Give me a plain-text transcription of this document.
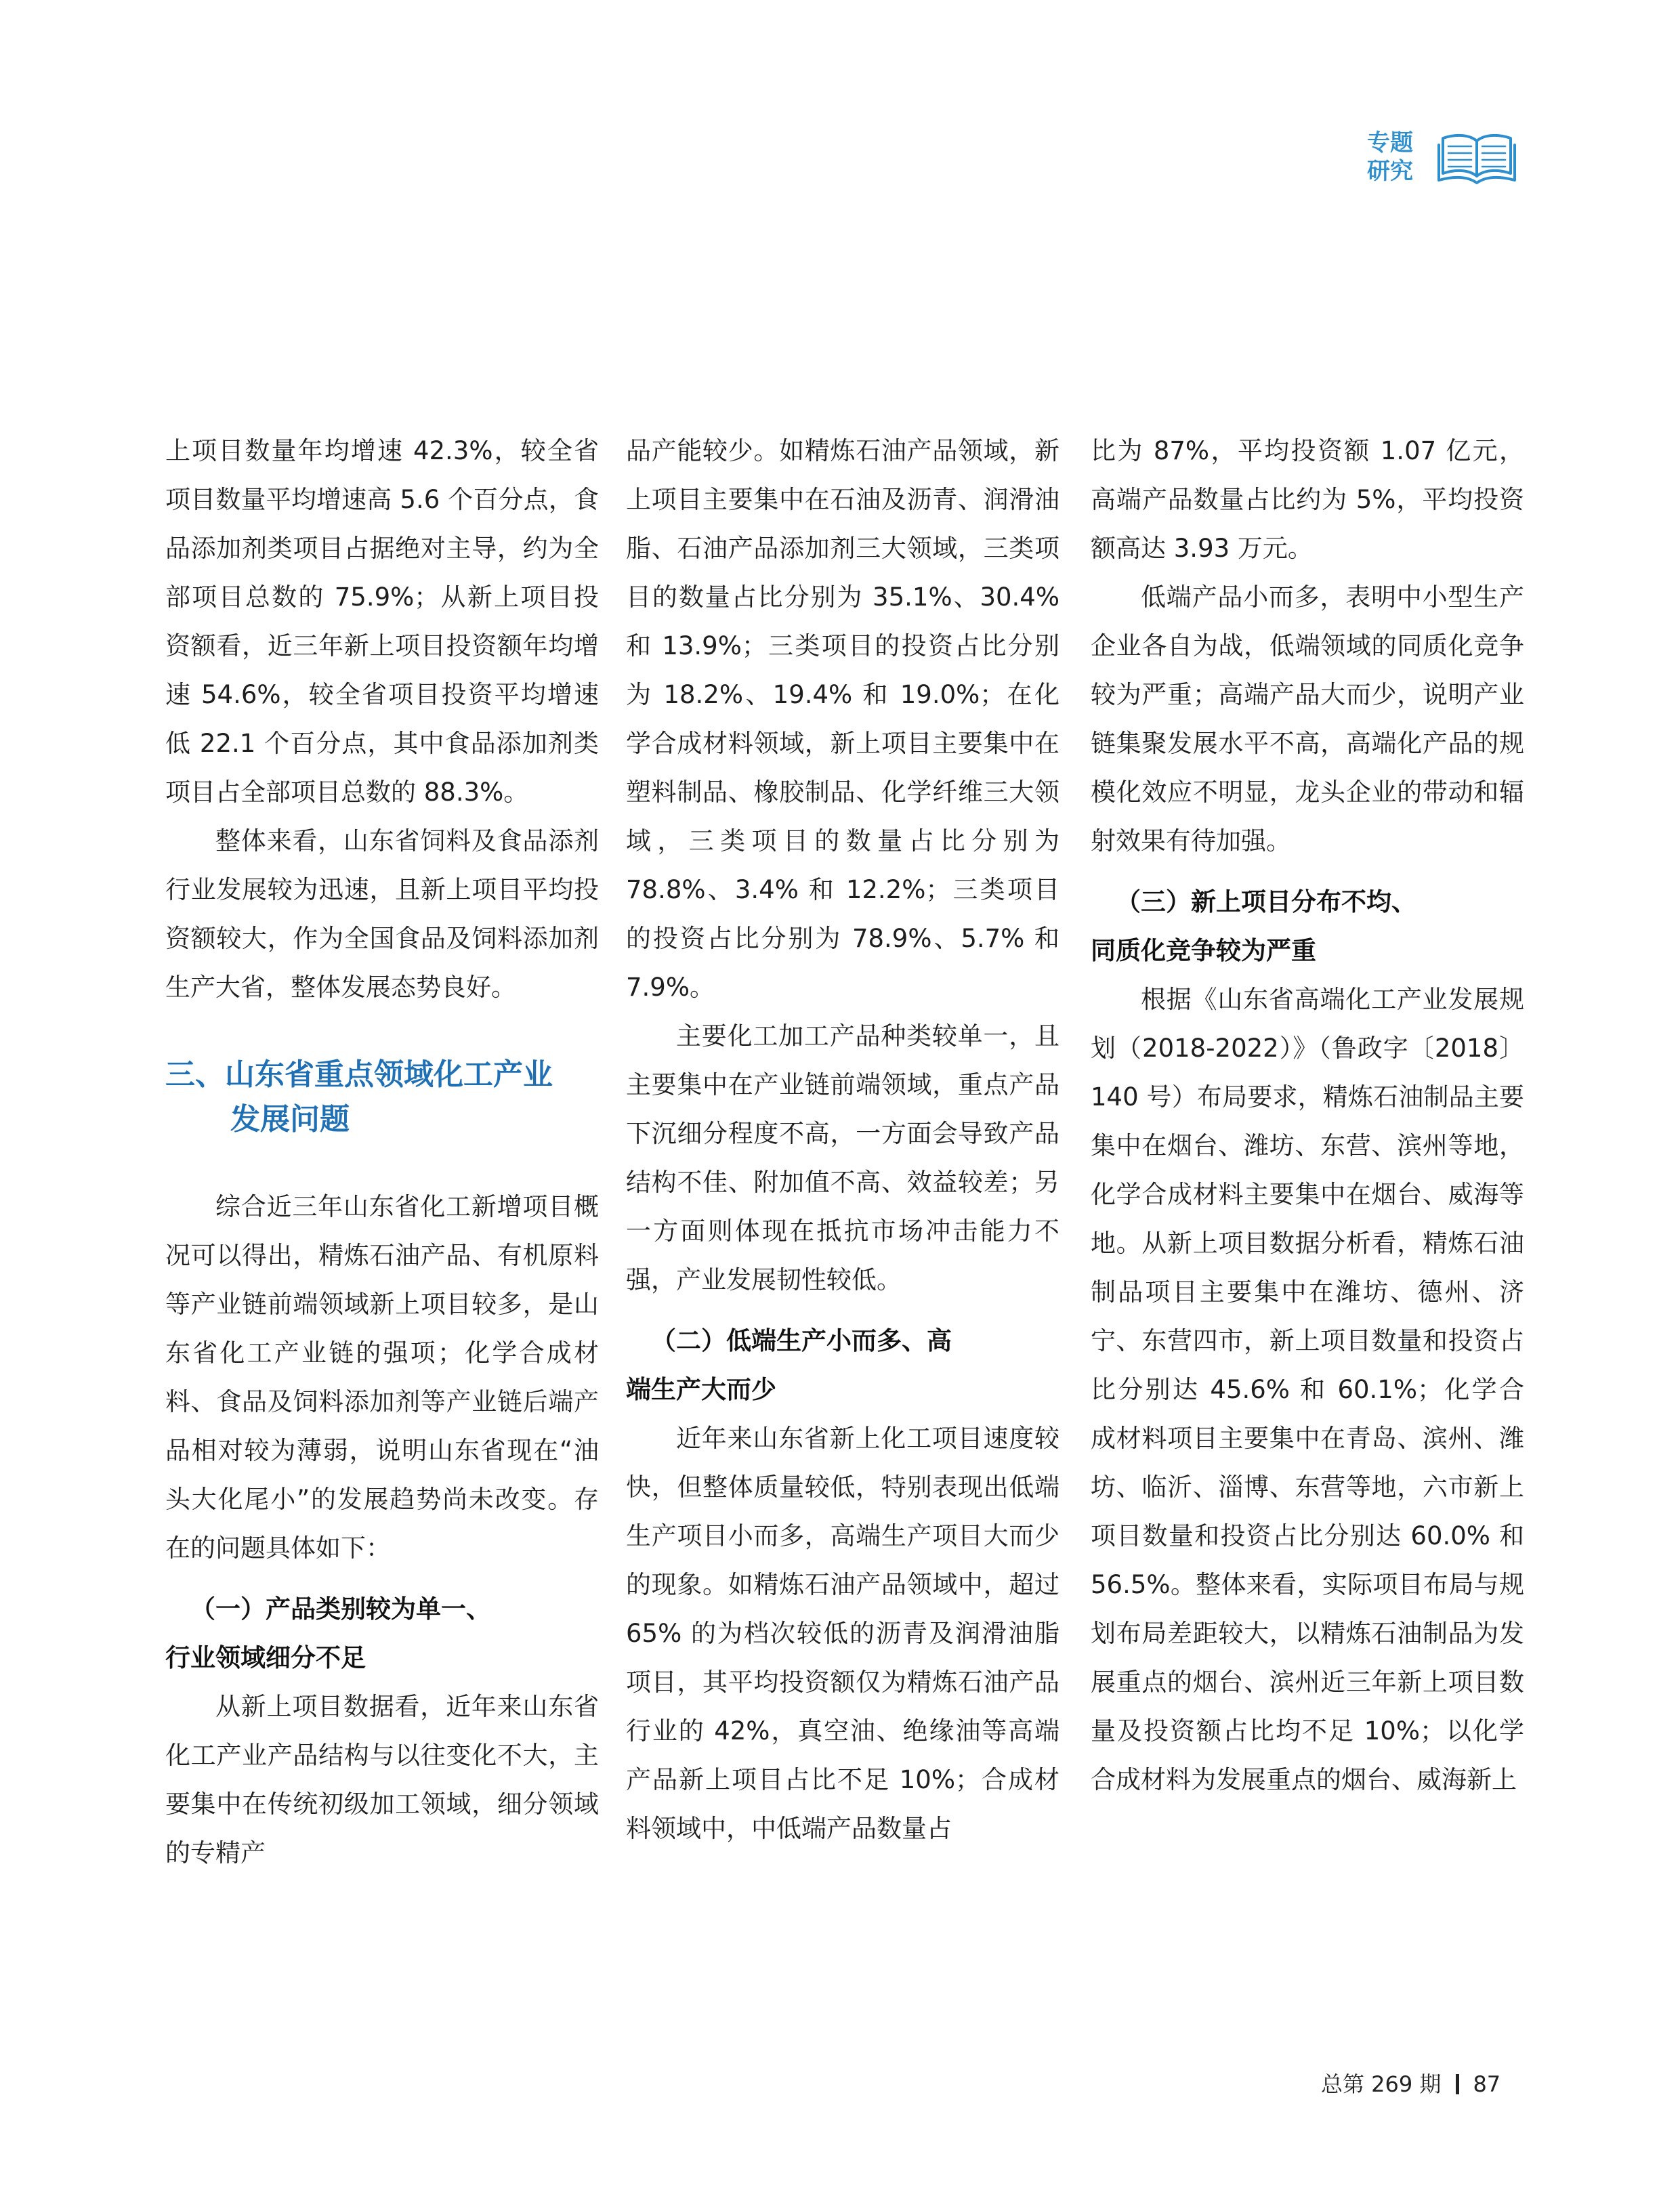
专题
研究

上项目数量年均增速 42.3%，较全省项目数量平均增速高 5.6 个百分点，食品添加剂类项目占据绝对主导，约为全部项目总数的 75.9%；从新上项目投资额看，近三年新上项目投资额年均增速 54.6%，较全省项目投资平均增速低 22.1 个百分点，其中食品添加剂类项目占全部项目总数的 88.3%。

整体来看，山东省饲料及食品添剂行业发展较为迅速，且新上项目平均投资额较大，作为全国食品及饲料添加剂生产大省，整体发展态势良好。

三、山东省重点领域化工产业
发展问题

综合近三年山东省化工新增项目概况可以得出，精炼石油产品、有机原料等产业链前端领域新上项目较多，是山东省化工产业链的强项；化学合成材料、食品及饲料添加剂等产业链后端产品相对较为薄弱，说明山东省现在“油头大化尾小”的发展趋势尚未改变。存在的问题具体如下：

（一）产品类别较为单一、
行业领域细分不足

从新上项目数据看，近年来山东省化工产业产品结构与以往变化不大，主要集中在传统初级加工领域，细分领域的专精产

品产能较少。如精炼石油产品领域，新上项目主要集中在石油及沥青、润滑油脂、石油产品添加剂三大领域，三类项目的数量占比分别为 35.1%、30.4% 和 13.9%；三类项目的投资占比分别为 18.2%、19.4% 和 19.0%；在化学合成材料领域，新上项目主要集中在塑料制品、橡胶制品、化学纤维三大领域，三类项目的数量占比分别为 78.8%、3.4% 和 12.2%；三类项目的投资占比分别为 78.9%、5.7% 和 7.9%。

主要化工加工产品种类较单一，且主要集中在产业链前端领域，重点产品下沉细分程度不高，一方面会导致产品结构不佳、附加值不高、效益较差；另一方面则体现在抵抗市场冲击能力不强，产业发展韧性较低。

（二）低端生产小而多、高
端生产大而少

近年来山东省新上化工项目速度较快，但整体质量较低，特别表现出低端生产项目小而多，高端生产项目大而少的现象。如精炼石油产品领域中，超过 65% 的为档次较低的沥青及润滑油脂项目，其平均投资额仅为精炼石油产品行业的 42%，真空油、绝缘油等高端产品新上项目占比不足 10%；合成材料领域中，中低端产品数量占

比为 87%，平均投资额 1.07 亿元，高端产品数量占比约为 5%，平均投资额高达 3.93 万元。

低端产品小而多，表明中小型生产企业各自为战，低端领域的同质化竞争较为严重；高端产品大而少，说明产业链集聚发展水平不高，高端化产品的规模化效应不明显，龙头企业的带动和辐射效果有待加强。

（三）新上项目分布不均、
同质化竞争较为严重

根据《山东省高端化工产业发展规划（2018-2022）》（鲁政字〔2018〕140 号）布局要求，精炼石油制品主要集中在烟台、潍坊、东营、滨州等地，化学合成材料主要集中在烟台、威海等地。从新上项目数据分析看，精炼石油制品项目主要集中在潍坊、德州、济宁、东营四市，新上项目数量和投资占比分别达 45.6% 和 60.1%；化学合成材料项目主要集中在青岛、滨州、潍坊、临沂、淄博、东营等地，六市新上项目数量和投资占比分别达 60.0% 和 56.5%。整体来看，实际项目布局与规划布局差距较大，以精炼石油制品为发展重点的烟台、滨州近三年新上项目数量及投资额占比均不足 10%；以化学合成材料为发展重点的烟台、威海新上

总第 269 期 87
